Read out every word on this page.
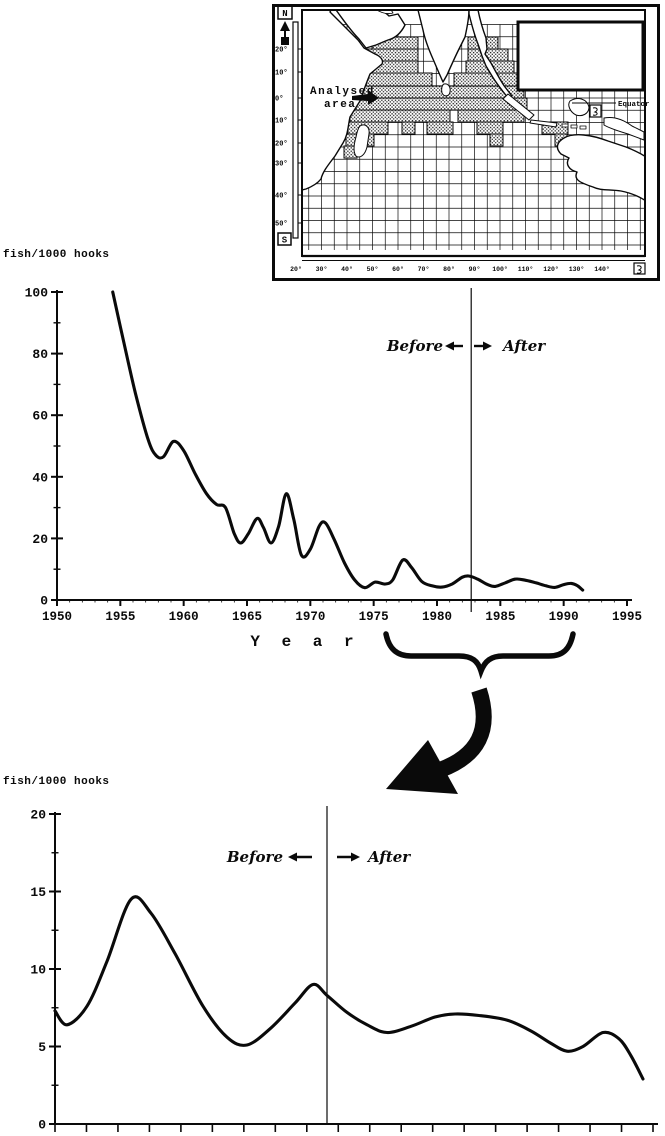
Equator
Analysed
area
N
S
20°
10°
0°
10°
20°
30°
40°
50°
20° 30° 40° 50° 60° 70° 80° 90° 100° 110° 120° 130° 140°
0
20
40
60
80
100
1950	1955	1960	1965	1970	1975	1980	1985	1990	1995
0
5
10
15
20
fish/1000 hooks
Y e a r
Before	After
fish/1000 hooks
Before	After
